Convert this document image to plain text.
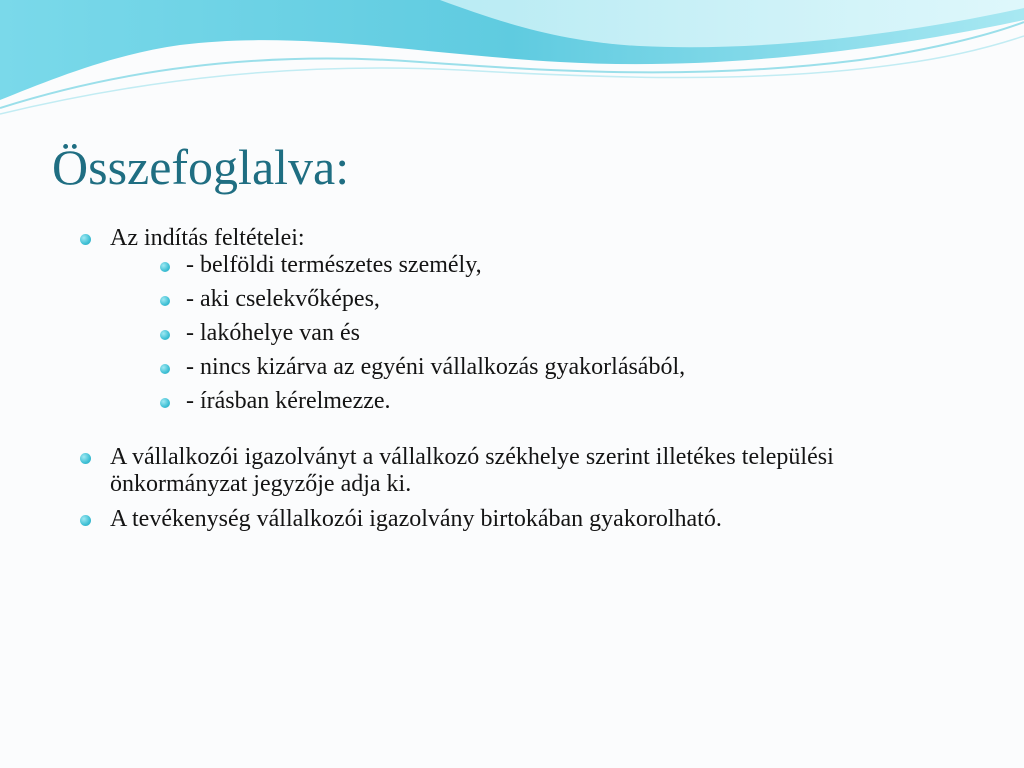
Összefoglalva:
Az indítás feltételei:
- belföldi természetes személy,
- aki cselekvőképes,
- lakóhelye van és
- nincs kizárva az egyéni vállalkozás gyakorlásából,
- írásban kérelmezze.
A vállalkozói igazolványt a vállalkozó székhelye szerint illetékes települési önkormányzat jegyzője adja ki.
A tevékenység vállalkozói igazolvány birtokában gyakorolható.
